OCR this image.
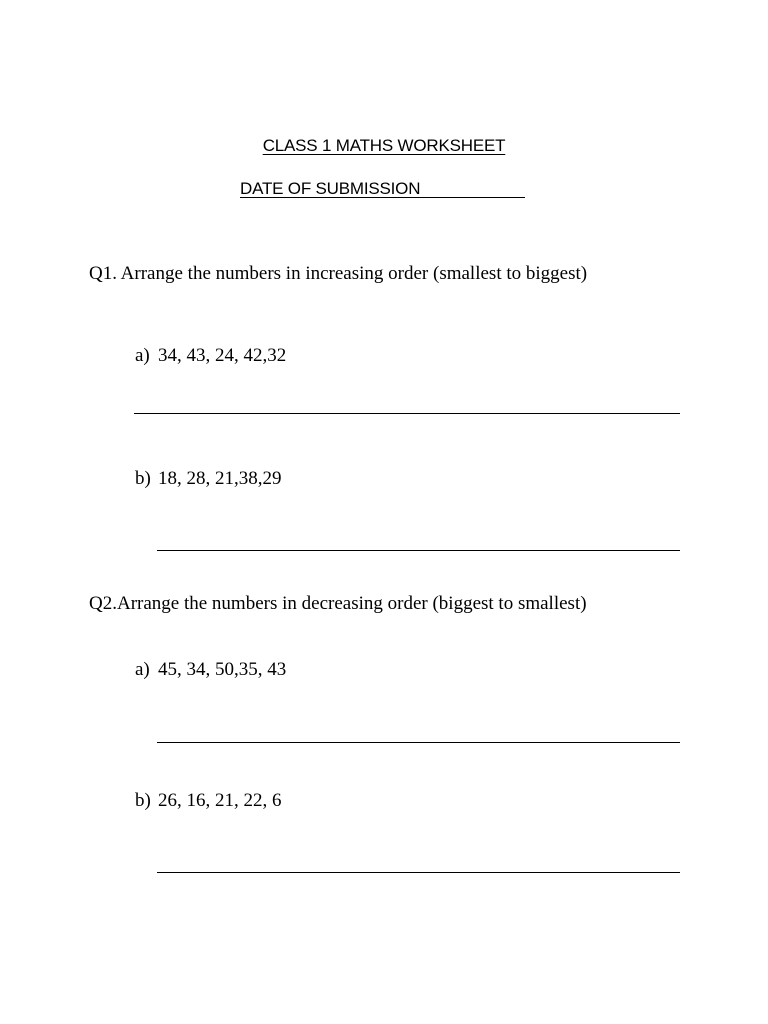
CLASS 1 MATHS WORKSHEET
DATE OF SUBMISSION
Q1. Arrange the numbers in increasing order (smallest to biggest)
a) 34, 43, 24, 42,32
b) 18, 28, 21,38,29
Q2.Arrange the numbers in decreasing order (biggest to smallest)
a) 45, 34, 50,35, 43
b) 26, 16, 21, 22, 6
